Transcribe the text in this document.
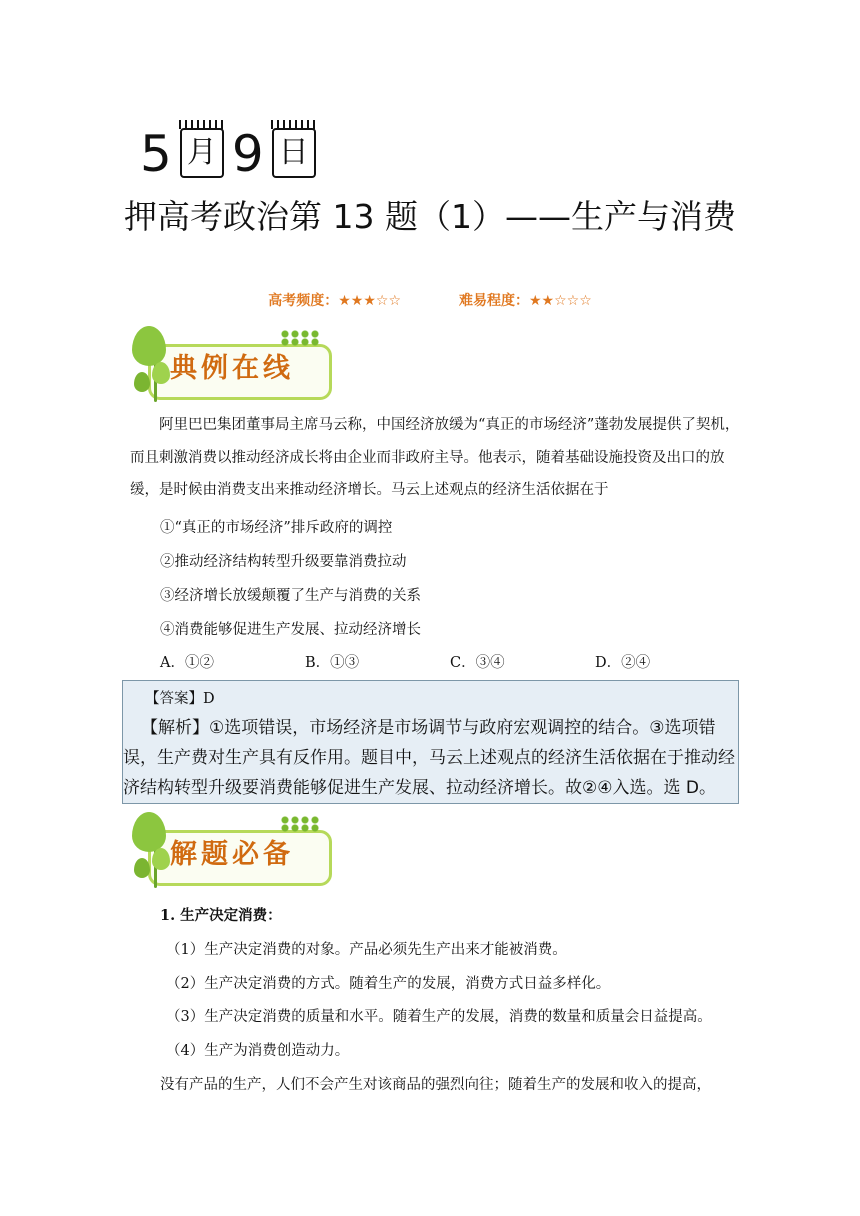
5 月 9 日
押高考政治第 13 题（1）——生产与消费
高考频度：★★★☆☆	难易程度：★★☆☆☆
典例在线
阿里巴巴集团董事局主席马云称，中国经济放缓为“真正的市场经济”蓬勃发展提供了契机，而且刺激消费以推动经济成长将由企业而非政府主导。他表示，随着基础设施投资及出口的放缓，是时候由消费支出来推动经济增长。马云上述观点的经济生活依据在于
①“真正的市场经济”排斥政府的调控
②推动经济结构转型升级要靠消费拉动
③经济增长放缓颠覆了生产与消费的关系
④消费能够促进生产发展、拉动经济增长
A．①②	B．①③	C．③④	D．②④
【答案】D
【解析】①选项错误，市场经济是市场调节与政府宏观调控的结合。③选项错误，生产费对生产具有反作用。题目中，马云上述观点的经济生活依据在于推动经济结构转型升级要消费能够促进生产发展、拉动经济增长。故②④入选。选 D。
解题必备
1. 生产决定消费：
（1）生产决定消费的对象。产品必须先生产出来才能被消费。
（2）生产决定消费的方式。随着生产的发展，消费方式日益多样化。
（3）生产决定消费的质量和水平。随着生产的发展，消费的数量和质量会日益提高。
（4）生产为消费创造动力。
没有产品的生产，人们不会产生对该商品的强烈向往；随着生产的发展和收入的提高，
